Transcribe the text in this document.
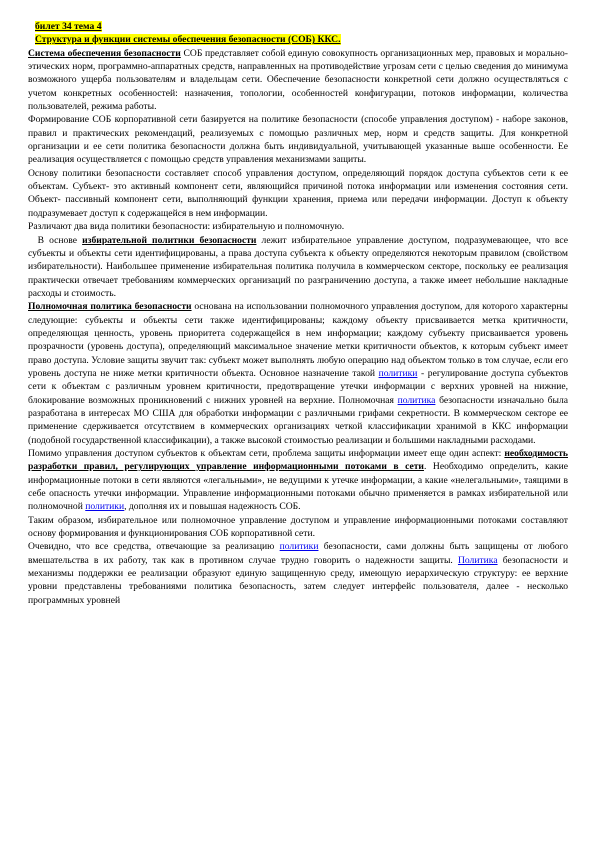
билет 34 тема 4
Структура и функции системы обеспечения безопасности (СОБ) ККС.

Система обеспечения безопасности СОБ представляет собой единую совокупность организационных мер, правовых и морально-этических норм, программно-аппаратных средств, направленных на противодействие угрозам сети с целью сведения до минимума возможного ущерба пользователям и владельцам сети. Обеспечение безопасности конкретной сети должно осуществляться с учетом конкретных особенностей: назначения, топологии, особенностей конфигурации, потоков информации, количества пользователей, режима работы.

Формирование СОБ корпоративной сети базируется на политике безопасности (способе управления доступом) - наборе законов, правил и практических рекомендаций, реализуемых с помощью различных мер, норм и средств защиты. Для конкретной организации и ее сети политика безопасности должна быть индивидуальной, учитывающей указанные выше особенности. Ее реализация осуществляется с помощью средств управления механизмами защиты.

Основу политики безопасности составляет способ управления доступом, определяющий порядок доступа субъектов сети к ее объектам. Субъект- это активный компонент сети, являющийся причиной потока информации или изменения состояния сети. Объект- пассивный компонент сети, выполняющий функции хранения, приема или передачи информации. Доступ к объекту подразумевает доступ к содержащейся в нем информации.

Различают два вида политики безопасности: избирательную и полномочную.

 В основе избирательной политики безопасности лежит избирательное управление доступом, подразумевающее, что все субъекты и объекты сети идентифицированы, а права доступа субъекта к объекту определяются некоторым правилом (свойством избирательности). Наибольшее применение избирательная политика получила в коммерческом секторе, поскольку ее реализация практически отвечает требованиям коммерческих организаций по разграничению доступа, а также имеет небольшие накладные расходы и стоимость.

Полномочная политика безопасности основана на использовании полномочного управления доступом, для которого характерны следующие: субъекты и объекты сети также идентифицированы; каждому объекту присваивается метка критичности, определяющая ценность, уровень приоритета содержащейся в нем информации; каждому субъекту присваивается уровень прозрачности (уровень доступа), определяющий максимальное значение метки критичности объектов, к которым субъект имеет право доступа. Условие защиты звучит так: субъект может выполнять любую операцию над объектом только в том случае, если его уровень доступа не ниже метки критичности объекта. Основное назначение такой политики - регулирование доступа субъектов сети к объектам с различным уровнем критичности, предотвращение утечки информации с верхних уровней на нижние, блокирование возможных проникновений с нижних уровней на верхние. Полномочная политика безопасности изначально была разработана в интересах МО США для обработки информации с различными грифами секретности. В коммерческом секторе ее применение сдерживается отсутствием в коммерческих организациях четкой классификации хранимой в ККС информации (подобной государственной классификации), а также высокой стоимостью реализации и большими накладными расходами.

Помимо управления доступом субъектов к объектам сети, проблема защиты информации имеет еще один аспект: необходимость разработки правил, регулирующих управление информационными потоками в сети. Необходимо определить, какие информационные потоки в сети являются «легальными», не ведущими к утечке информации, а какие «нелегальными», таящими в себе опасность утечки информации. Управление информационными потоками обычно применяется в рамках избирательной или полномочной политики, дополняя их и повышая надежность СОБ.

Таким образом, избирательное или полномочное управление доступом и управление информационными потоками составляют основу формирования и функционирования СОБ корпоративной сети.

Очевидно, что все средства, отвечающие за реализацию политики безопасности, сами должны быть защищены от любого вмешательства в их работу, так как в противном случае трудно говорить о надежности защиты. Политика безопасности и механизмы поддержки ее реализации образуют единую защищенную среду, имеющую иерархическую структуру: ее верхние уровни представлены требованиями политика безопасность, затем следует интерфейс пользователя, далее - несколько программных уровней
